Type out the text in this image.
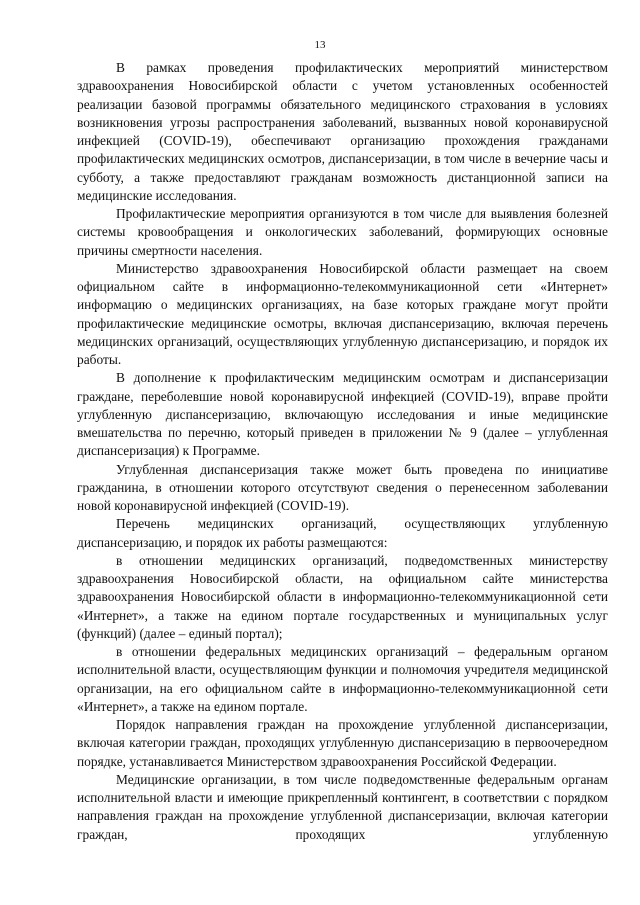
13

В рамках проведения профилактических мероприятий министерством здравоохранения Новосибирской области с учетом установленных особенностей реализации базовой программы обязательного медицинского страхования в условиях возникновения угрозы распространения заболеваний, вызванных новой коронавирусной инфекцией (COVID-19), обеспечивают организацию прохождения гражданами профилактических медицинских осмотров, диспансеризации, в том числе в вечерние часы и субботу, а также предоставляют гражданам возможность дистанционной записи на медицинские исследования.

Профилактические мероприятия организуются в том числе для выявления болезней системы кровообращения и онкологических заболеваний, формирующих основные причины смертности населения.

Министерство здравоохранения Новосибирской области размещает на своем официальном сайте в информационно-телекоммуникационной сети «Интернет» информацию о медицинских организациях, на базе которых граждане могут пройти профилактические медицинские осмотры, включая диспансеризацию, включая перечень медицинских организаций, осуществляющих углубленную диспансеризацию, и порядок их работы.

В дополнение к профилактическим медицинским осмотрам и диспансеризации граждане, переболевшие новой коронавирусной инфекцией (COVID-19), вправе пройти углубленную диспансеризацию, включающую исследования и иные медицинские вмешательства по перечню, который приведен в приложении № 9 (далее – углубленная диспансеризация) к Программе.

Углубленная диспансеризация также может быть проведена по инициативе гражданина, в отношении которого отсутствуют сведения о перенесенном заболевании новой коронавирусной инфекцией (COVID-19).

Перечень медицинских организаций, осуществляющих углубленную диспансеризацию, и порядок их работы размещаются:

в отношении медицинских организаций, подведомственных министерству здравоохранения Новосибирской области, на официальном сайте министерства здравоохранения Новосибирской области в информационно-телекоммуникационной сети «Интернет», а также на едином портале государственных и муниципальных услуг (функций) (далее – единый портал);

в отношении федеральных медицинских организаций – федеральным органом исполнительной власти, осуществляющим функции и полномочия учредителя медицинской организации, на его официальном сайте в информационно-телекоммуникационной сети «Интернет», а также на едином портале.

Порядок направления граждан на прохождение углубленной диспансеризации, включая категории граждан, проходящих углубленную диспансеризацию в первоочередном порядке, устанавливается Министерством здравоохранения Российской Федерации.

Медицинские организации, в том числе подведомственные федеральным органам исполнительной власти и имеющие прикрепленный контингент, в соответствии с порядком направления граждан на прохождение углубленной диспансеризации, включая категории граждан, проходящих углубленную
